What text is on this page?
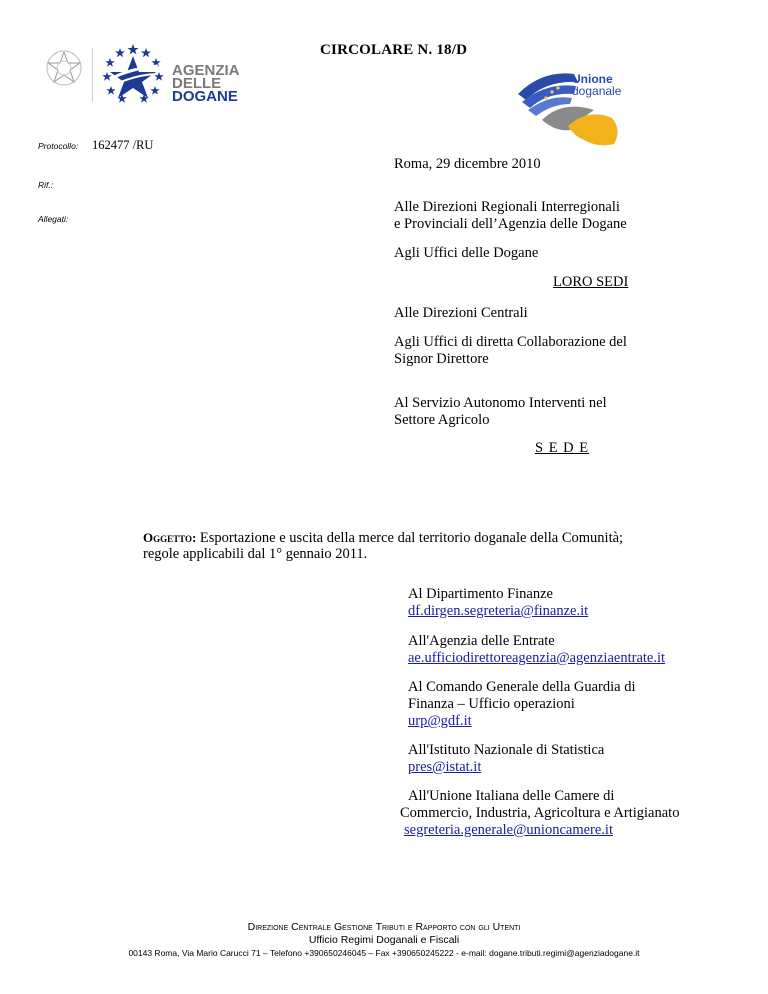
AGENZIA
DELLE
DOGANE
CIRCOLARE N. 18/D
Unione
doganale
Protocollo: 162477 /RU
Rif.:
Allegati:
Roma, 29 dicembre 2010
Alle Direzioni Regionali Interregionali
e Provinciali dell’Agenzia delle Dogane
Agli Uffici delle Dogane
LORO SEDI
Alle Direzioni Centrali
Agli Uffici di diretta Collaborazione del
Signor Direttore
Al Servizio Autonomo Interventi nel
Settore Agricolo
S E D E
Oggetto: Esportazione e uscita della merce dal territorio doganale della Comunità;
regole applicabili dal 1° gennaio 2011.
Al Dipartimento Finanze
df.dirgen.segreteria@finanze.it
All'Agenzia delle Entrate
ae.ufficiodirettoreagenzia@agenziaentrate.it
Al Comando Generale della Guardia di
Finanza – Ufficio operazioni
urp@gdf.it
All'Istituto Nazionale di Statistica
pres@istat.it
All'Unione Italiana delle Camere di
Commercio, Industria, Agricoltura e Artigianato
segreteria.generale@unioncamere.it
Direzione Centrale Gestione Tributi e Rapporto con gli Utenti
Ufficio Regimi Doganali e Fiscali
00143 Roma, Via Mario Carucci 71 – Telefono +390650246045 – Fax +390650245222 - e-mail: dogane.tributi.regimi@agenziadogane.it
